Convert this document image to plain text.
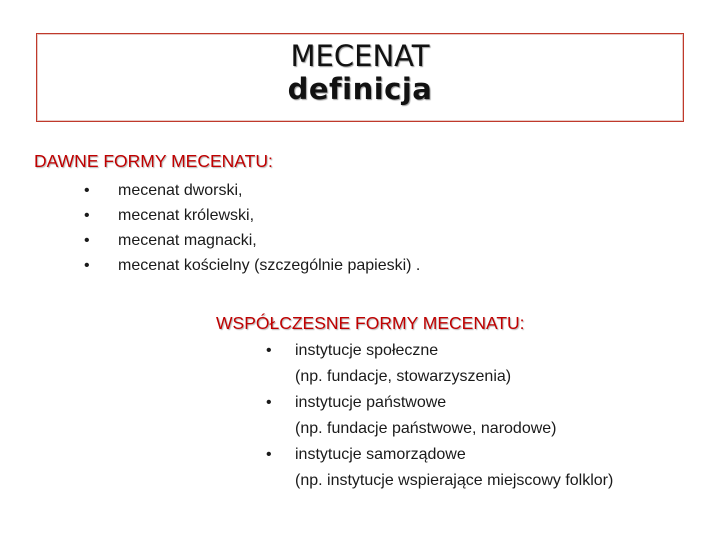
MECENAT
definicja
DAWNE FORMY MECENATU:
• mecenat dworski,
• mecenat królewski,
• mecenat magnacki,
• mecenat kościelny (szczególnie papieski) .
WSPÓŁCZESNE FORMY MECENATU:
• instytucje społeczne
(np. fundacje, stowarzyszenia)
• instytucje państwowe
(np. fundacje państwowe, narodowe)
• instytucje samorządowe
(np. instytucje wspierające miejscowy folklor)
